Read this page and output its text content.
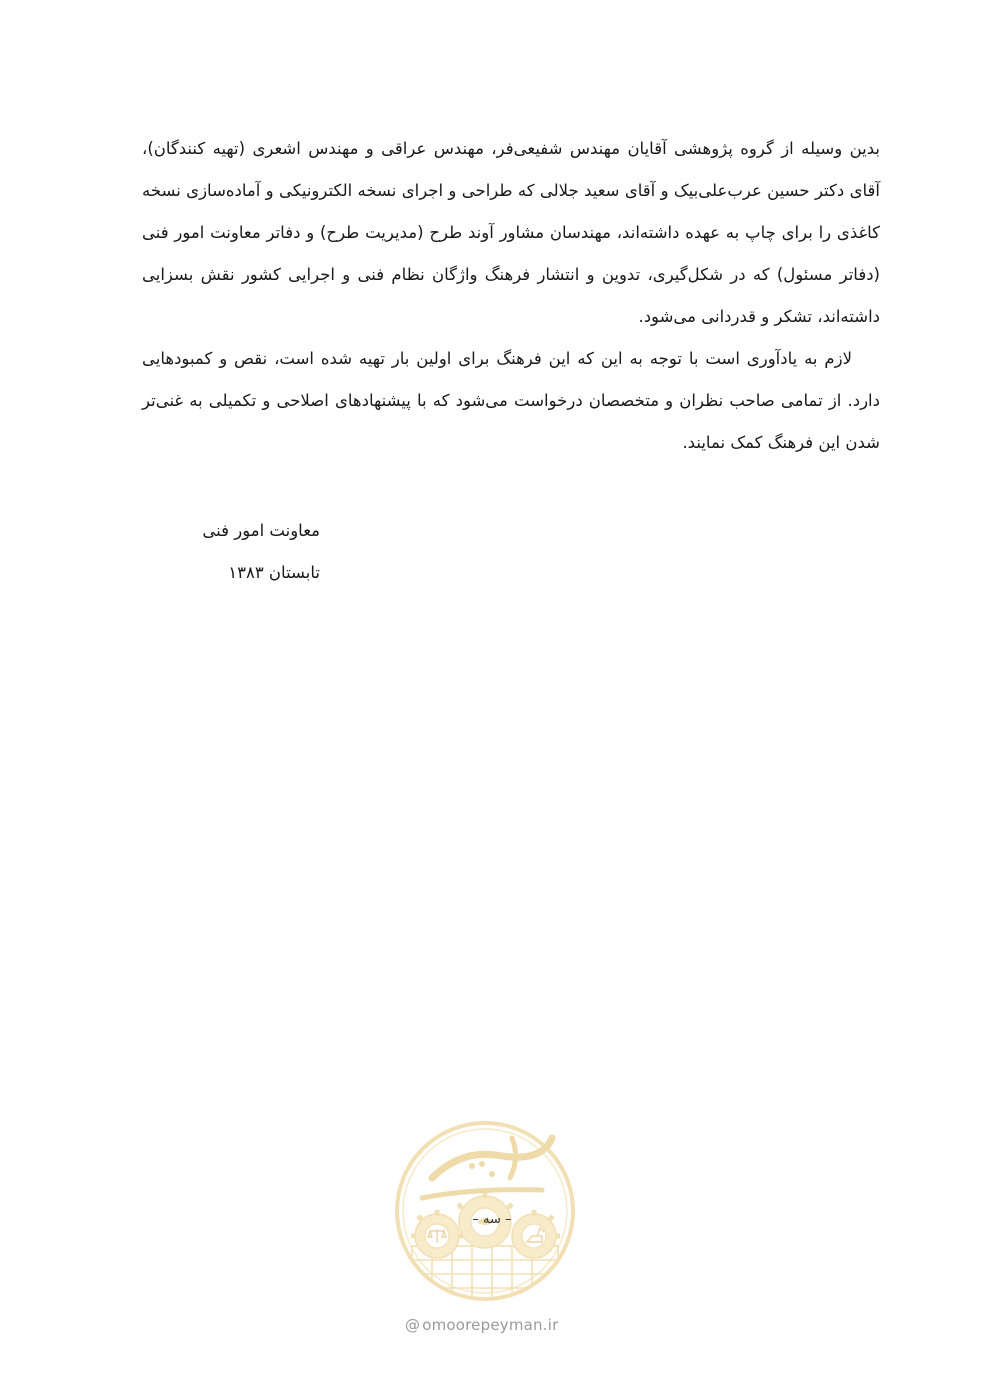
بدین وسیله از گروه پژوهشی آقایان مهندس شفیعی‌فر، مهندس عراقی و مهندس اشعری (تهیه کنندگان)، آقای دکتر حسین عرب‌علی‌بیک و آقای سعید جلالی که طراحی و اجرای نسخه الکترونیکی و آماده‌سازی نسخه کاغذی را برای چاپ به عهده داشته‌اند، مهندسان مشاور آوند طرح (مدیریت طرح) و دفاتر معاونت امور فنی (دفاتر مسئول) که در شکل‌گیری، تدوین و انتشار فرهنگ واژگان نظام فنی و اجرایی کشور نقش بسزایی داشته‌اند، تشکر و قدردانی می‌شود.

لازم به یادآوری است با توجه به این که این فرهنگ برای اولین بار تهیه شده است، نقص و کمبودهایی دارد. از تمامی صاحب نظران و متخصصان درخواست می‌شود که با پیشنهادهای اصلاحی و تکمیلی به غنی‌تر شدن این فرهنگ کمک نمایند.

معاونت امور فنی
تابستان ۱۳۸۳
– سه –
@ omoorepeyman.ir
